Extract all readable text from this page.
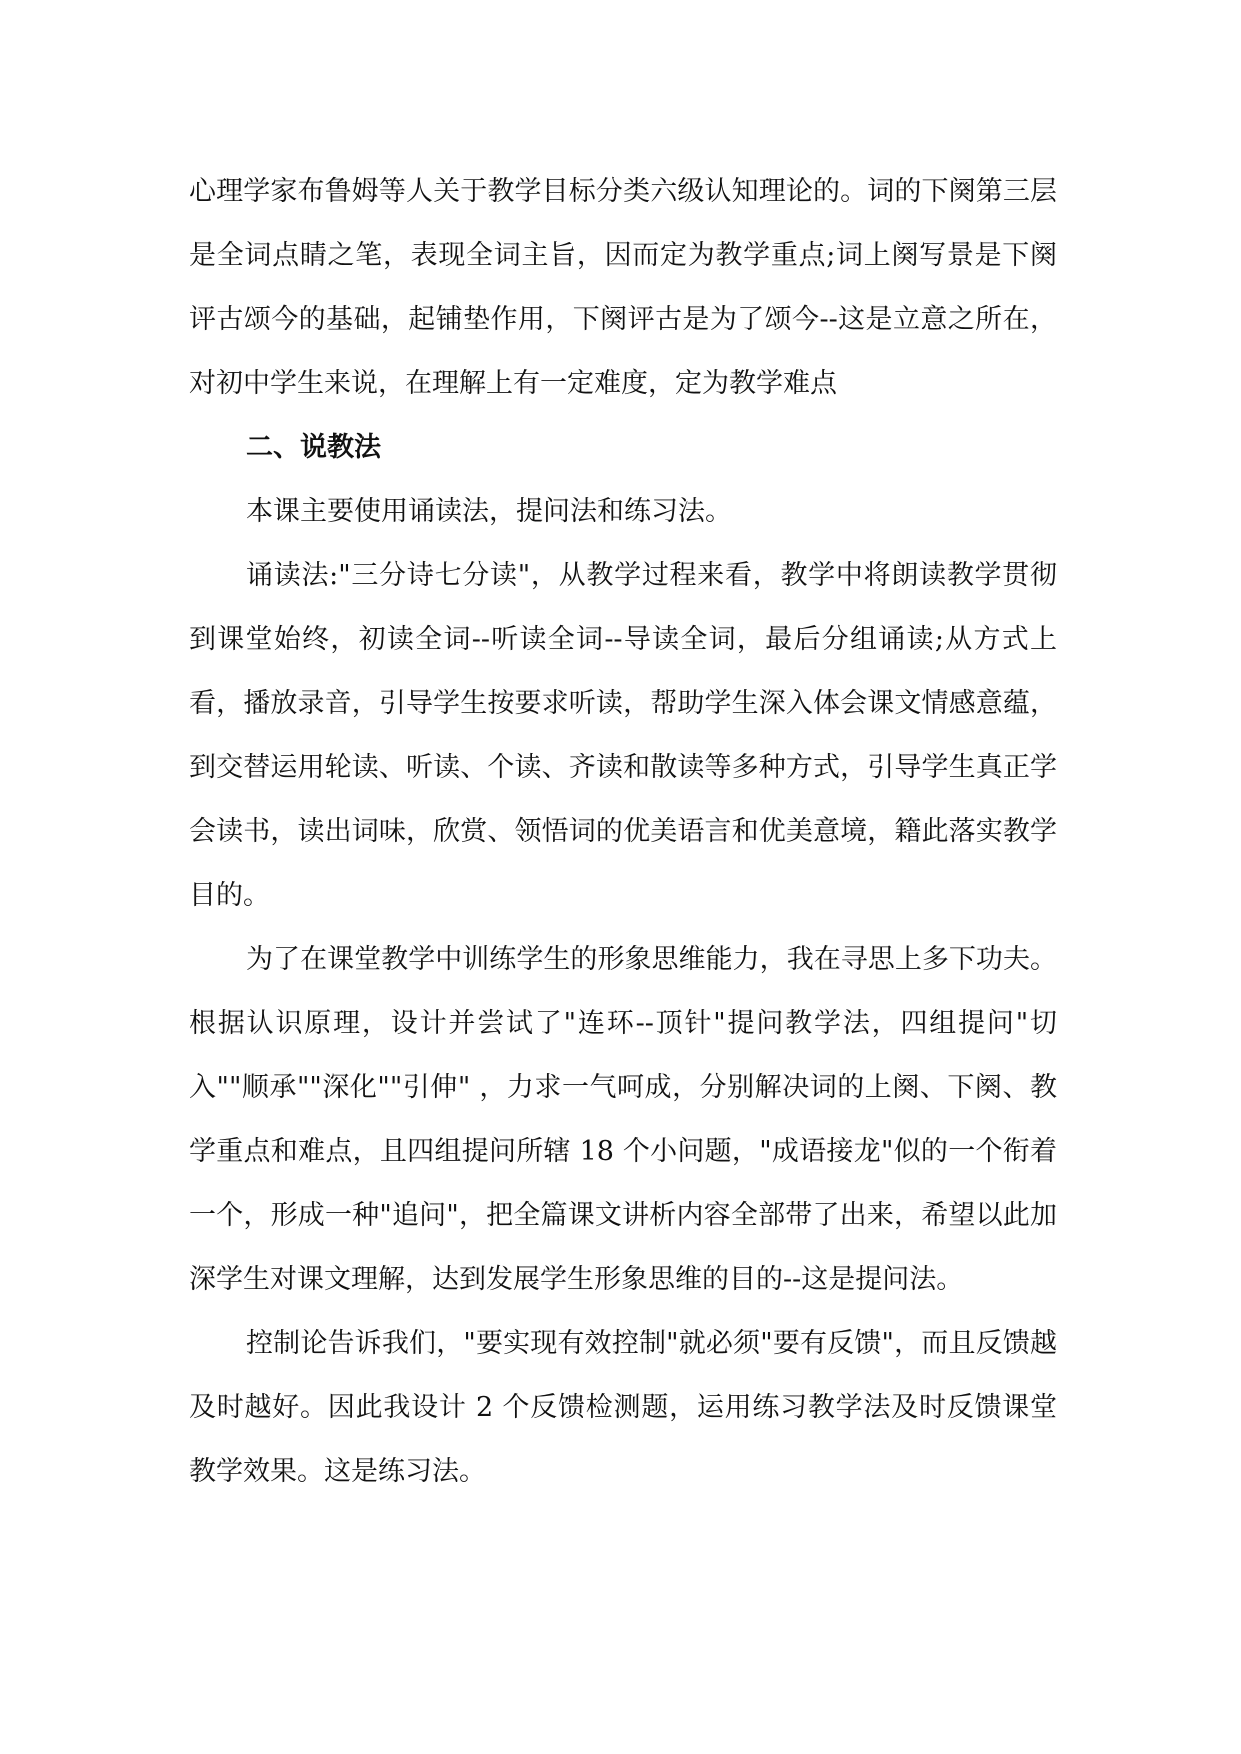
心理学家布鲁姆等人关于教学目标分类六级认知理论的。词的下阕第三层是全词点睛之笔，表现全词主旨，因而定为教学重点;词上阕写景是下阕评古颂今的基础，起铺垫作用，下阕评古是为了颂今--这是立意之所在，对初中学生来说，在理解上有一定难度，定为教学难点

二、说教法

本课主要使用诵读法，提问法和练习法。

诵读法:"三分诗七分读"，从教学过程来看，教学中将朗读教学贯彻到课堂始终，初读全词--听读全词--导读全词，最后分组诵读;从方式上看，播放录音，引导学生按要求听读，帮助学生深入体会课文情感意蕴，到交替运用轮读、听读、个读、齐读和散读等多种方式，引导学生真正学会读书，读出词味，欣赏、领悟词的优美语言和优美意境，籍此落实教学目的。

为了在课堂教学中训练学生的形象思维能力，我在寻思上多下功夫。根据认识原理，设计并尝试了"连环--顶针"提问教学法，四组提问"切入""顺承""深化""引伸" ，力求一气呵成，分别解决词的上阕、下阕、教学重点和难点，且四组提问所辖 18 个小问题，"成语接龙"似的一个衔着一个，形成一种"追问"，把全篇课文讲析内容全部带了出来，希望以此加深学生对课文理解，达到发展学生形象思维的目的--这是提问法。

控制论告诉我们，"要实现有效控制"就必须"要有反馈"，而且反馈越及时越好。因此我设计 2 个反馈检测题，运用练习教学法及时反馈课堂教学效果。这是练习法。
